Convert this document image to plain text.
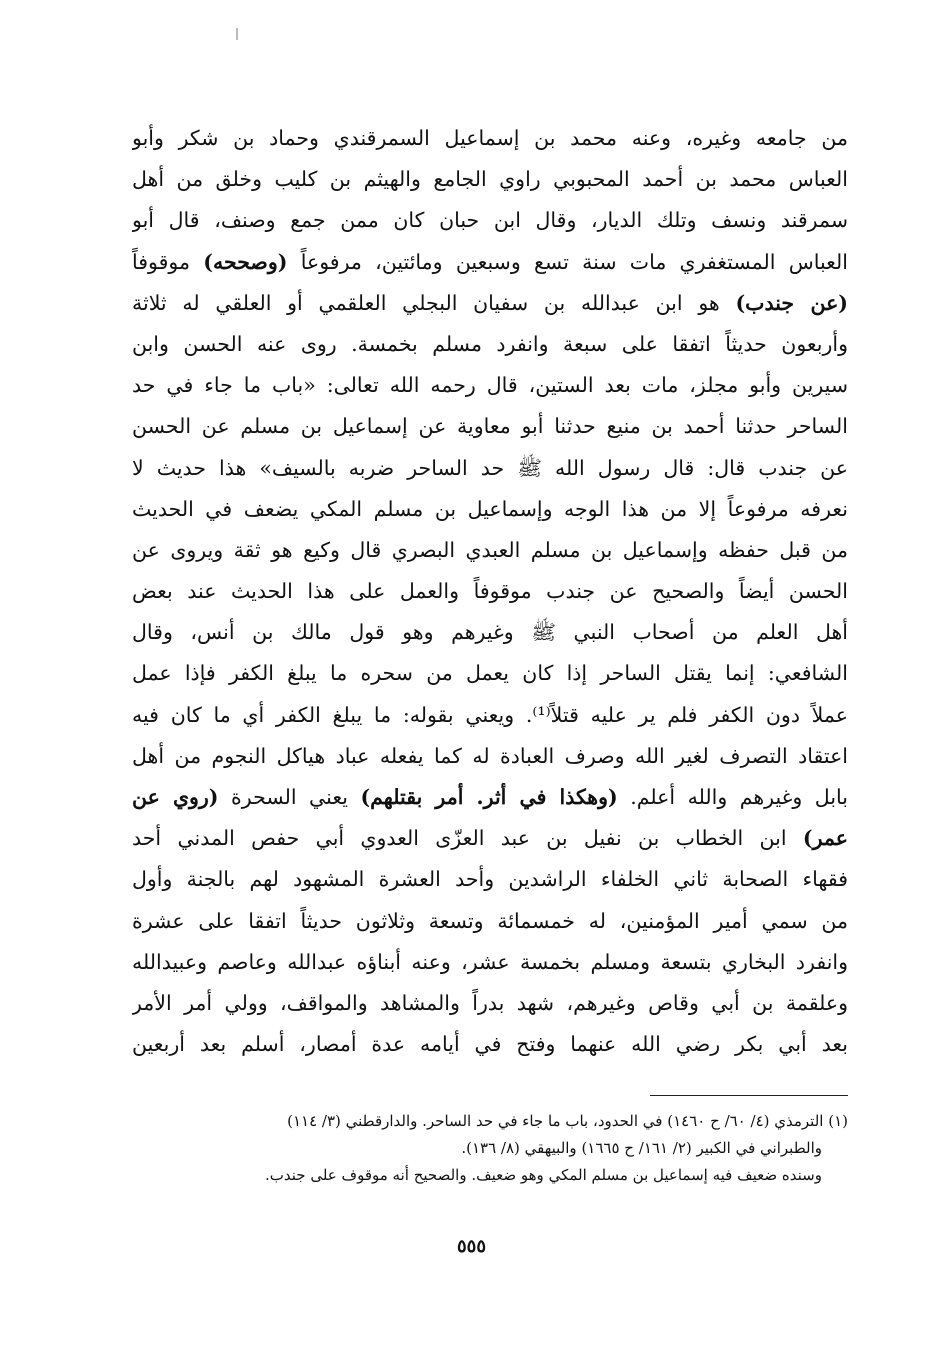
من جامعه وغيره، وعنه محمد بن إسماعيل السمرقندي وحماد بن شكر وأبو
العباس محمد بن أحمد المحبوبي راوي الجامع والهيثم بن كليب وخلق من أهل
سمرقند ونسف وتلك الديار، وقال ابن حبان كان ممن جمع وصنف، قال أبو
العباس المستغفري مات سنة تسع وسبعين ومائتين، مرفوعاً (وصححه) موقوفاً
(عن جندب) هو ابن عبدالله بن سفيان البجلي العلقمي أو العلقي له ثلاثة
وأربعون حديثاً اتفقا على سبعة وانفرد مسلم بخمسة. روى عنه الحسن وابن
سيرين وأبو مجلز، مات بعد الستين، قال رحمه الله تعالى: «باب ما جاء في حد
الساحر حدثنا أحمد بن منيع حدثنا أبو معاوية عن إسماعيل بن مسلم عن الحسن
عن جندب قال: قال رسول الله ﷺ حد الساحر ضربه بالسيف» هذا حديث لا
نعرفه مرفوعاً إلا من هذا الوجه وإسماعيل بن مسلم المكي يضعف في الحديث
من قبل حفظه وإسماعيل بن مسلم العبدي البصري قال وكيع هو ثقة ويروى عن
الحسن أيضاً والصحيح عن جندب موقوفاً والعمل على هذا الحديث عند بعض
أهل العلم من أصحاب النبي ﷺ وغيرهم وهو قول مالك بن أنس، وقال
الشافعي: إنما يقتل الساحر إذا كان يعمل من سحره ما يبلغ الكفر فإذا عمل
عملاً دون الكفر فلم ير عليه قتلاً⁽¹⁾. ويعني بقوله: ما يبلغ الكفر أي ما كان فيه
اعتقاد التصرف لغير الله وصرف العبادة له كما يفعله عباد هياكل النجوم من أهل
بابل وغيرهم والله أعلم. (وهكذا في أثر. أمر بقتلهم) يعني السحرة (روي عن
عمر) ابن الخطاب بن نفيل بن عبد العزّى العدوي أبي حفص المدني أحد
فقهاء الصحابة ثاني الخلفاء الراشدين وأحد العشرة المشهود لهم بالجنة وأول
من سمي أمير المؤمنين، له خمسمائة وتسعة وثلاثون حديثاً اتفقا على عشرة
وانفرد البخاري بتسعة ومسلم بخمسة عشر، وعنه أبناؤه عبدالله وعاصم وعبيدالله
وعلقمة بن أبي وقاص وغيرهم، شهد بدراً والمشاهد والمواقف، وولي أمر الأمر
بعد أبي بكر رضي الله عنهما وفتح في أيامه عدة أمصار، أسلم بعد أربعين
(١) الترمذي (٤/ ٦٠/ ح ١٤٦٠) في الحدود، باب ما جاء في حد الساحر. والدارقطني (٣/ ١١٤)
والطبراني في الكبير (٢/ ١٦١/ ح ١٦٦٥) والبيهقي (٨/ ١٣٦).
وسنده ضعيف فيه إسماعيل بن مسلم المكي وهو ضعيف. والصحيح أنه موقوف على جندب.
٥٥٥
